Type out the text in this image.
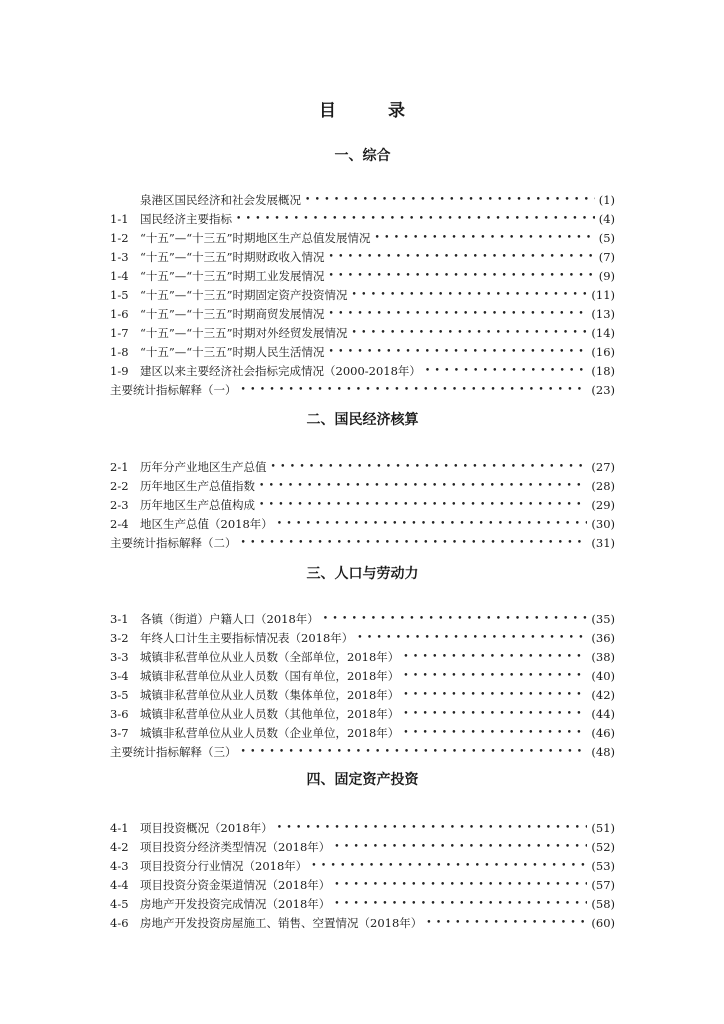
目	录
一、综合
泉港区国民经济和社会发展概况 •••••	(1)
1-1 国民经济主要指标 •••••	(4)
1-2 “十五”—“十三五”时期地区生产总值发展情况 •••••	(5)
1-3 “十五”—“十三五”时期财政收入情况 •••••	(7)
1-4 “十五”—“十三五”时期工业发展情况 •••••	(9)
1-5 “十五”—“十三五”时期固定资产投资情况 •••••	(11)
1-6 “十五”—“十三五”时期商贸发展情况 •••••	(13)
1-7 “十五”—“十三五”时期对外经贸发展情况 •••••	(14)
1-8 “十五”—“十三五”时期人民生活情况 •••••	(16)
1-9 建区以来主要经济社会指标完成情况（2000-2018年） •••••	(18)
主要统计指标解释（一） •••••	(23)
二、国民经济核算
2-1 历年分产业地区生产总值 •••••	(27)
2-2 历年地区生产总值指数 •••••	(28)
2-3 历年地区生产总值构成 •••••	(29)
2-4 地区生产总值（2018年） •••••	(30)
主要统计指标解释（二） •••••	(31)
三、人口与劳动力
3-1 各镇（街道）户籍人口（2018年） •••••	(35)
3-2 年终人口计生主要指标情况表（2018年） •••••	(36)
3-3 城镇非私营单位从业人员数（全部单位，2018年） •••••	(38)
3-4 城镇非私营单位从业人员数（国有单位，2018年） •••••	(40)
3-5 城镇非私营单位从业人员数（集体单位，2018年） •••••	(42)
3-6 城镇非私营单位从业人员数（其他单位，2018年） •••••	(44)
3-7 城镇非私营单位从业人员数（企业单位，2018年） •••••	(46)
主要统计指标解释（三） •••••	(48)
四、固定资产投资
4-1 项目投资概况（2018年） •••••	(51)
4-2 项目投资分经济类型情况（2018年） •••••	(52)
4-3 项目投资分行业情况（2018年） •••••	(53)
4-4 项目投资分资金渠道情况（2018年） •••••	(57)
4-5 房地产开发投资完成情况（2018年） •••••	(58)
4-6 房地产开发投资房屋施工、销售、空置情况（2018年） •••••	(60)
